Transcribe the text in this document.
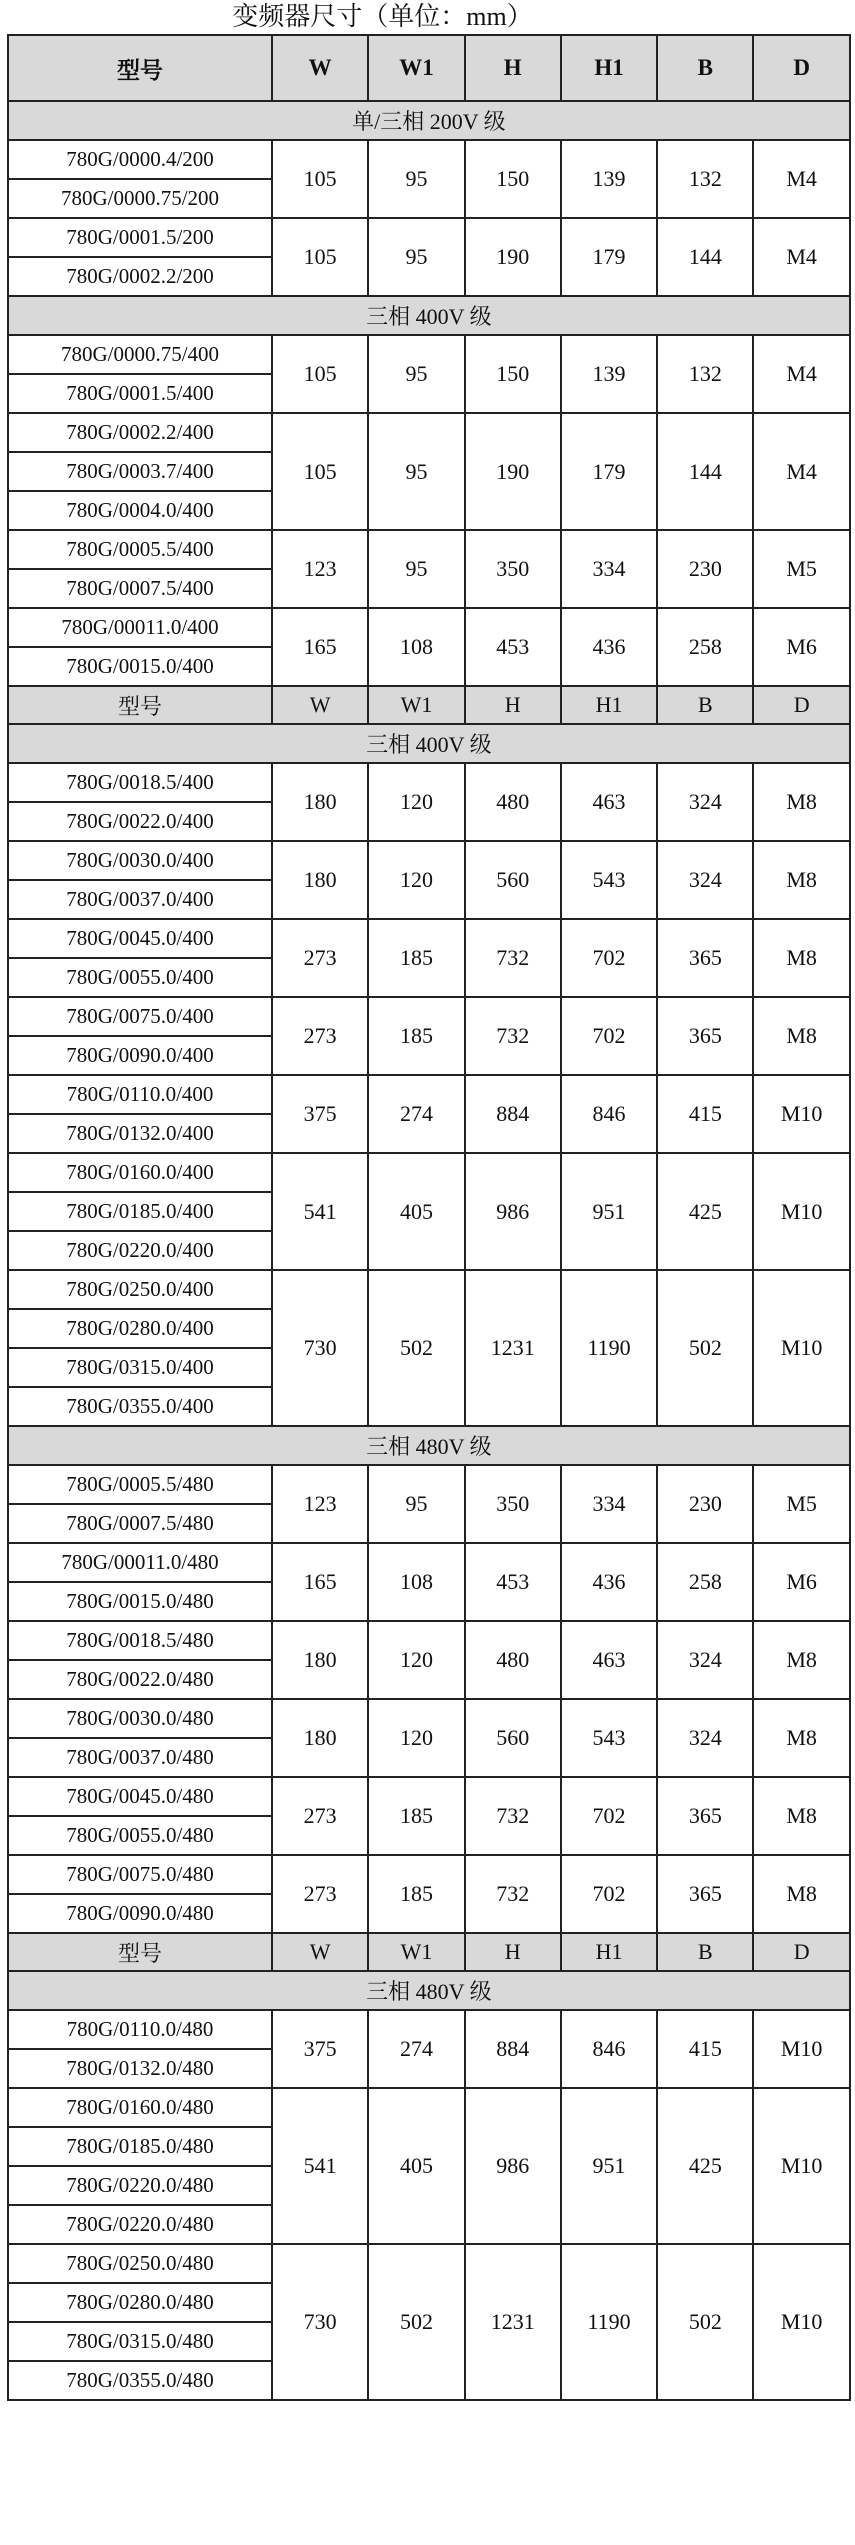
变频器尺寸（单位：mm）
型号	W	W1	H	H1	B	D
单/三相 200V 级						
780G/0000.4/200	105	95	150	139	132	M4
780G/0000.75/200						
780G/0001.5/200	105	95	190	179	144	M4
780G/0002.2/200						
三相 400V 级						
780G/0000.75/400	105	95	150	139	132	M4
780G/0001.5/400						
780G/0002.2/400	105	95	190	179	144	M4
780G/0003.7/400						
780G/0004.0/400						
780G/0005.5/400	123	95	350	334	230	M5
780G/0007.5/400						
780G/00011.0/400	165	108	453	436	258	M6
780G/0015.0/400						
型号	W	W1	H	H1	B	D
三相 400V 级						
780G/0018.5/400	180	120	480	463	324	M8
780G/0022.0/400						
780G/0030.0/400	180	120	560	543	324	M8
780G/0037.0/400						
780G/0045.0/400	273	185	732	702	365	M8
780G/0055.0/400						
780G/0075.0/400	273	185	732	702	365	M8
780G/0090.0/400						
780G/0110.0/400	375	274	884	846	415	M10
780G/0132.0/400						
780G/0160.0/400	541	405	986	951	425	M10
780G/0185.0/400						
780G/0220.0/400						
780G/0250.0/400	730	502	1231	1190	502	M10
780G/0280.0/400						
780G/0315.0/400						
780G/0355.0/400						
三相 480V 级						
780G/0005.5/480	123	95	350	334	230	M5
780G/0007.5/480						
780G/00011.0/480	165	108	453	436	258	M6
780G/0015.0/480						
780G/0018.5/480	180	120	480	463	324	M8
780G/0022.0/480						
780G/0030.0/480	180	120	560	543	324	M8
780G/0037.0/480						
780G/0045.0/480	273	185	732	702	365	M8
780G/0055.0/480						
780G/0075.0/480	273	185	732	702	365	M8
780G/0090.0/480						
型号	W	W1	H	H1	B	D
三相 480V 级						
780G/0110.0/480	375	274	884	846	415	M10
780G/0132.0/480						
780G/0160.0/480	541	405	986	951	425	M10
780G/0185.0/480						
780G/0220.0/480						
780G/0220.0/480						
780G/0250.0/480	730	502	1231	1190	502	M10
780G/0280.0/480						
780G/0315.0/480						
780G/0355.0/480						
